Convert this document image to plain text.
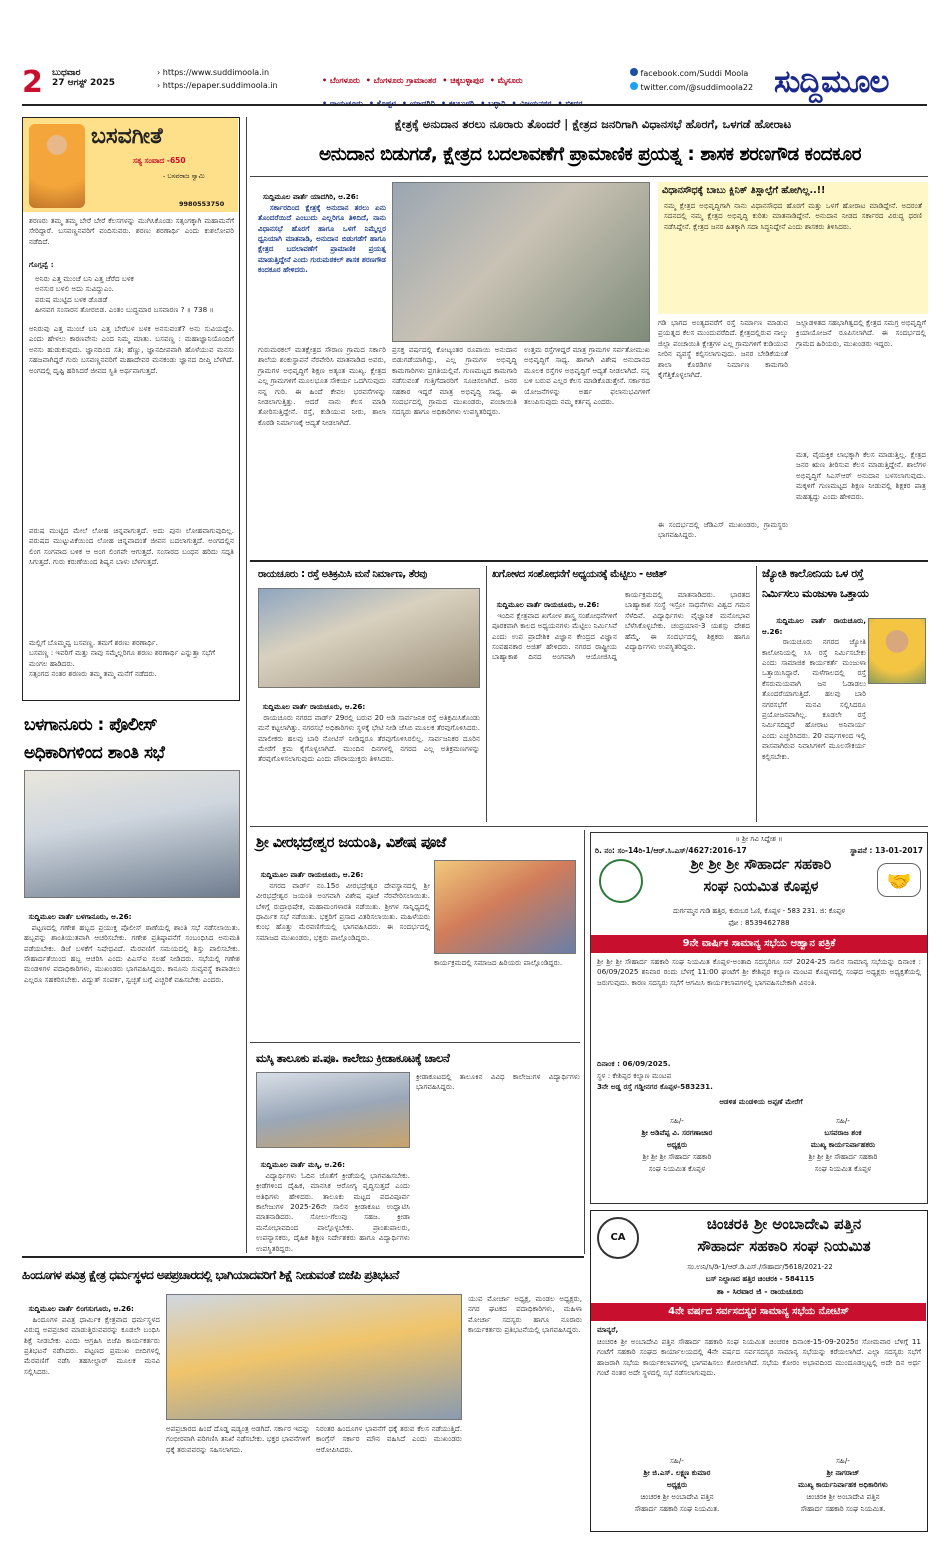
2	ಬುಧವಾರ
27 ಆಗಸ್ಟ್ 2025
› https://www.suddimoola.in
› https://epaper.suddimoola.in
• ಬೆಂಗಳೂರು • ಬೆಂಗಳೂರು ಗ್ರಾಮಾಂತರ • ಚಿಕ್ಕಬಳ್ಳಾಪುರ • ಮೈಸೂರು
facebook.com/Suddi Moola
twitter.com/@suddimoola22 ಸುದ್ದಿಮೂಲ
ಬಸವಗೀತೆ
ಸತ್ಯ ಸಂವಾದ -650
- ಬಸವರಾಜ ಸ್ವಾಮಿ
9980553750
ಶರಣರು ತಮ್ಮ ತಮ್ಮ ಬೇರೆ ಬೇರೆ ಕೆಲಸಗಳನ್ನು ಮುಗಿಸಿಕೊಂಡು ಸತ್ಸಂಗಕ್ಕಾಗಿ ಮಹಾಮನೆಗೆ ಸೇರಿದ್ದಾರೆ. ಬಸವಣ್ಣನವರಿಗೆ ವಂದಿಸುವರು. ಶರಣು ಶರಣಾರ್ಥಿ ಎಂದು ಕುಶಲೋಪರಿ ನಡೆದಿದೆ.
ಗೊಗ್ಗವ್ವೆ :
ಅನಿರು ಎತ್ತ ಮುಂಚೆ ಬನಿ ಎತ್ತ ಚೆರೆದ ಬಳಕ
ಅನಸುರ ಬಳಲಿ ಅದು ಸುವಿದ್ದುಎಂ.
ಪರುಷ ಮುಟ್ಟಿದ ಬಳಕ ಡೊಡಡೆ
ಹೀನವಗ ಸಂಸಾರನ ತೋರಬಿಡ. ಎಂತಂ ಬುದ್ಧಮಾರ ಬಸವಾರಣ ? ॥ 738 ॥
ಅನಿರುವು ಎತ್ತ ಮುಂಚೆ ಬನಿ ಎತ್ತ ಬೇರೆಬಳ ಬಳಕ ಅನಸುವಂತೆ? ಅನು ಸುವಿಯದ್ದೆಂ. ಎಂದು ಹೇಳಲು ಕಾರಣವೇನು ಎಂದ ನಿಮ್ಮ ಮಾತು. ಬಸವಣ್ಣ : ಮಹಾಜ್ಞಾನಿಯೊಂದಿಗೆ ಅನಸು ಹುಡುಕುವುದು. ಜ್ಞಾನದಿಂದ ಸತಿ; ಹೆಣ್ಣು, ಜ್ಞಾನದೀಪವಾಗಿ ಹೊಳೆಯುವ ಮನಸು ಸಹಜವಾಗಿದ್ದರೆ ಗುರು ಬಸವಣ್ಣನವರಿಗೆ ಮಹಾದೇವರ ಮನಕಂಡು ಜ್ಞಾನದ ದೀಪ್ತಿ ಬೆಳಗಿದೆ. ಅಂಗದಲ್ಲಿ ದೃಷ್ಟಿ ಹರಿಸಿದರೆ ಜೀವದ ಸ್ಥಿತಿ ಅರ್ಥವಾಗುತ್ತದೆ.
ಪರುಷ ಮುಟ್ಟಿದ ಮೇಲೆ ಲೋಹ ಚಿನ್ನವಾಗುತ್ತದೆ. ಅದು ಪುನಃ ಲೋಹವಾಗುವುದಿಲ್ಲ. ಪರುಷದ ಮುಟ್ಟುವಿಕೆಯಿಂದ ಲೋಹ ಚಿನ್ನವಾದಂತೆ ಜೀವನ ಬದಲಾಗುತ್ತದೆ. ಅಂಗದಲ್ಲಿನ ಲಿಂಗ ಸಂಗವಾದ ಬಳಿಕ ಆ ಅಂಗ ಲಿಂಗವೇ ಆಗುತ್ತದೆ. ಸಂಸಾರದ ಬಂಧನ ಹರಿದು ಸದ್ಗತಿ ಸಿಗುತ್ತದೆ. ಗುರು ಕರುಣೆಯಿಂದ ಶಿಷ್ಯನ ಬಾಳು ಬೆಳಗುತ್ತದೆ.
ಮಲ್ಲಿಗೆ ಬೊಮ್ಮವ್ವ ಬಸವಣ್ಣ. ತಮಗೆ ಶರಣು ಶರಣಾರ್ಥಿ.
ಬಸವಣ್ಣ : ಇವರಿಗೆ ಮತ್ತು ನಾವು ಸಮ್ಮೆಲ್ಲರಿಗೂ ಶರಣು ಶರಣಾರ್ಥಿ ಎನ್ನುತ್ತಾ ಸಭೆಗೆ ಮಂಗಲ ಹಾಡಿದರು.
ಸತ್ಸಂಗದ ನಂತರ ಶರಣರು ತಮ್ಮ ತಮ್ಮ ಮನೆಗೆ ನಡೆದರು.
ಕ್ಷೇತ್ರಕ್ಕೆ ಅನುದಾನ ತರಲು ನೂರಾರು ತೊಂದರೆ | ಕ್ಷೇತ್ರದ ಜನರಿಗಾಗಿ ವಿಧಾನಸಭೆ ಹೊರಗೆ, ಒಳಗಡೆ ಹೋರಾಟ
ಅನುದಾನ ಬಿಡುಗಡೆ, ಕ್ಷೇತ್ರದ ಬದಲಾವಣೆಗೆ ಪ್ರಾಮಾಣಿಕ ಪ್ರಯತ್ನ : ಶಾಸಕ ಶರಣಗೌಡ ಕಂದಕೂರ

ಸುದ್ದಿಮೂಲ ವಾರ್ತೆ ಯಾದಗಿರಿ, ಆ.26:
ಸರ್ಕಾರದಿಂದ ಕ್ಷೇತ್ರಕ್ಕೆ ಅನುದಾನ ತರಲು ಏನು ತೊಂದರೆಯಿದೆ ಎಂಬುದು ಎಲ್ಲರಿಗೂ ತಿಳಿದಿದೆ, ನಾನು ವಿಧಾನಸಭೆ ಹೊರಗೆ ಹಾಗೂ ಒಳಗೆ ನಿಮ್ಮೆಲ್ಲರ ಧ್ವನಿಯಾಗಿ ಮಾತನಾಡಿ, ಅನುದಾನ ಬಿಡುಗಡೆಗೆ ಹಾಗೂ ಕ್ಷೇತ್ರದ ಬದಲಾವಣೆಗೆ ಪ್ರಾಮಾಣಿಕ ಪ್ರಯತ್ನ ಮಾಡುತ್ತಿದ್ದೇನೆ ಎಂದು ಗುರುಮಠಕಲ್ ಶಾಸಕ ಶರಣಗೌಡ ಕಂದಕೂರ ಹೇಳಿದರು.

ಗುರುಮಠಕಲ್ ಮತಕ್ಷೇತ್ರದ ಸೌರಾಣ ಗ್ರಾಮದ ಸರ್ಕಾರಿ ಶಾಲೆಯ ಶಂಕುಸ್ಥಾಪನೆ ನೆರವೇರಿಸಿ ಮಾತನಾಡಿದ ಅವರು, ಗ್ರಾಮಗಳ ಅಭಿವೃದ್ಧಿಗೆ ಶಿಕ್ಷಣ ಅತ್ಯಂತ ಮುಖ್ಯ. ಕ್ಷೇತ್ರದ ಎಲ್ಲ ಗ್ರಾಮಗಳಿಗೆ ಮೂಲಭೂತ ಸೌಕರ್ಯ ಒದಗಿಸುವುದು ನನ್ನ ಗುರಿ. ಈ ಹಿಂದೆ ಕೇವಲ ಭರವಸೆಗಳನ್ನು ನೀಡಲಾಗುತ್ತಿತ್ತು. ಆದರೆ ನಾನು ಕೆಲಸ ಮಾಡಿ ತೋರಿಸುತ್ತಿದ್ದೇನೆ. ರಸ್ತೆ, ಕುಡಿಯುವ ನೀರು, ಶಾಲಾ ಕೊಠಡಿ ನಿರ್ಮಾಣಕ್ಕೆ ಆದ್ಯತೆ ನೀಡಲಾಗಿದೆ.
ಪ್ರಸಕ್ತ ವರ್ಷದಲ್ಲಿ ಕೋಟ್ಯಂತರ ರೂಪಾಯಿ ಅನುದಾನ ಬಿಡುಗಡೆಯಾಗಿದ್ದು, ಎಲ್ಲ ಗ್ರಾಮಗಳ ಅಭಿವೃದ್ಧಿ ಕಾಮಗಾರಿಗಳು ಪ್ರಗತಿಯಲ್ಲಿವೆ. ಗುಣಮಟ್ಟದ ಕಾಮಗಾರಿ ನಡೆಸುವಂತೆ ಗುತ್ತಿಗೆದಾರರಿಗೆ ಸೂಚಿಸಲಾಗಿದೆ. ಜನರ ಸಹಕಾರ ಇದ್ದರೆ ಮಾತ್ರ ಅಭಿವೃದ್ಧಿ ಸಾಧ್ಯ. ಈ ಸಂದರ್ಭದಲ್ಲಿ ಗ್ರಾಮದ ಮುಖಂಡರು, ಪಂಚಾಯಿತಿ ಸದಸ್ಯರು ಹಾಗೂ ಅಧಿಕಾರಿಗಳು ಉಪಸ್ಥಿತರಿದ್ದರು.
ಉತ್ತಮ ರಸ್ತೆಗಳಿದ್ದರೆ ಮಾತ್ರ ಗ್ರಾಮಗಳ ಸರ್ವತೋಮುಖ ಅಭಿವೃದ್ಧಿಗೆ ಸಾಧ್ಯ. ಹಾಗಾಗಿ ವಿಶೇಷ ಅನುದಾನದ ಮೂಲಕ ರಸ್ತೆಗಳ ಅಭಿವೃದ್ಧಿಗೆ ಆದ್ಯತೆ ನೀಡಲಾಗಿದೆ. ನನ್ನ ಬಳಿ ಬರುವ ಎಲ್ಲರ ಕೆಲಸ ಮಾಡಿಕೊಡುತ್ತೇನೆ. ಸರ್ಕಾರದ ಯೋಜನೆಗಳನ್ನು ಅರ್ಹ ಫಲಾನುಭವಿಗಳಿಗೆ ತಲುಪಿಸುವುದು ನಮ್ಮ ಕರ್ತವ್ಯ ಎಂದರು.
ವಿಧಾನಸೌಧಕ್ಕೆ ಬಾಬು ಕ್ಲಿನಿಕ್ ತಿಸ್ಲಾಲ್ಪೆಗೆ ಹೋಗಿಲ್ಲ..!!
ನಮ್ಮ ಕ್ಷೇತ್ರದ ಅಭಿವೃದ್ಧಿಗಾಗಿ ನಾನು ವಿಧಾನಸೌಧದ ಹೊರಗೆ ಮತ್ತು ಒಳಗೆ ಹೋರಾಟ ಮಾಡಿದ್ದೇನೆ. ಅದರಂತೆ ಸದನದಲ್ಲಿ ನಮ್ಮ ಕ್ಷೇತ್ರದ ಅಭಿವೃದ್ಧಿ ಕುರಿತು ಮಾತನಾಡಿದ್ದೇನೆ. ಅನುದಾನ ನೀಡದ ಸರ್ಕಾರದ ವಿರುದ್ಧ ಧರಣಿ ನಡೆಸಿದ್ದೇನೆ. ಕ್ಷೇತ್ರದ ಜನರ ಹಿತಕ್ಕಾಗಿ ಸದಾ ಸಿದ್ಧನಿದ್ದೇನೆ ಎಂದು ಶಾಸಕರು ತಿಳಿಸಿದರು.
ಗಡಿ ಭಾಗದ ಅಂತ್ಯದವರೆಗೆ ರಸ್ತೆ ನಿರ್ಮಾಣ ಮಾಡುವ ಪ್ರಯತ್ನದ ಕೆಲಸ ಮುಂದುವರೆದಿದೆ. ಕ್ಷೇತ್ರದಲ್ಲಿರುವ ನಾಲ್ಕು ಜಿಲ್ಲಾ ಪಂಚಾಯಿತಿ ಕ್ಷೇತ್ರಗಳ ಎಲ್ಲ ಗ್ರಾಮಗಳಿಗೆ ಕುಡಿಯುವ ನೀರಿನ ವ್ಯವಸ್ಥೆ ಕಲ್ಪಿಸಲಾಗುವುದು. ಜನರ ಬೇಡಿಕೆಯಂತೆ ಶಾಲಾ ಕೊಠಡಿಗಳ ನಿರ್ಮಾಣ ಕಾಮಗಾರಿ ಕೈಗೆತ್ತಿಕೊಳ್ಳಲಾಗಿದೆ.
ಜಲ್ಲಾಡಳಿತದ ಸಹಭಾಗಿತ್ವದಲ್ಲಿ ಕ್ಷೇತ್ರದ ಸಮಗ್ರ ಅಭಿವೃದ್ಧಿಗೆ ಕ್ರಿಯಾಯೋಜನೆ ರೂಪಿಸಲಾಗಿದೆ. ಈ ಸಂದರ್ಭದಲ್ಲಿ ಗ್ರಾಮದ ಹಿರಿಯರು, ಮುಖಂಡರು ಇದ್ದರು.
ಮತ, ವೈಯಕ್ತಿಕ ಲಾಭಕ್ಕಾಗಿ ಕೆಲಸ ಮಾಡುತ್ತಿಲ್ಲ. ಕ್ಷೇತ್ರದ ಜನರ ಋಣ ತೀರಿಸುವ ಕೆಲಸ ಮಾಡುತ್ತಿದ್ದೇನೆ. ಶಾಲೆಗಳ ಅಭಿವೃದ್ಧಿಗೆ ಸಿಎಸ್ಆರ್ ಅನುದಾನ ಬಳಸಲಾಗುವುದು. ಮಕ್ಕಳಿಗೆ ಗುಣಮಟ್ಟದ ಶಿಕ್ಷಣ ನೀಡುವಲ್ಲಿ ಶಿಕ್ಷಕರ ಪಾತ್ರ ಮಹತ್ವದ್ದು ಎಂದು ಹೇಳಿದರು.
ಈ ಸಂದರ್ಭದಲ್ಲಿ ಜೆಡಿಎಸ್ ಮುಖಂಡರು, ಗ್ರಾಮಸ್ಥರು ಭಾಗವಹಿಸಿದ್ದರು.
ರಾಯಚೂರು : ರಸ್ತೆ ಅತಿಕ್ರಮಿಸಿ ಮನೆ ನಿರ್ಮಾಣ, ತೆರವು

ಸುದ್ದಿಮೂಲ ವಾರ್ತೆ ರಾಯಚೂರು, ಆ.26:
ರಾಯಚೂರು ನಗರದ ವಾರ್ಡ್ 29ರಲ್ಲಿ ಬರುವ 20 ಅಡಿ ಸಾರ್ವಜನಿಕ ರಸ್ತೆ ಅತಿಕ್ರಮಿಸಿಕೊಂಡು ಮನೆ ಕಟ್ಟಲಾಗಿತ್ತು. ನಗರಸಭೆ ಅಧಿಕಾರಿಗಳು ಸ್ಥಳಕ್ಕೆ ಭೇಟಿ ನೀಡಿ ಜೆಸಿಬಿ ಮೂಲಕ ತೆರವುಗೊಳಿಸಿದರು. ಮಾಲೀಕರು ಹಲವು ಬಾರಿ ನೋಟಿಸ್ ನೀಡಿದ್ದರೂ ತೆರವುಗೊಳಿಸಿರಲಿಲ್ಲ. ಸಾರ್ವಜನಿಕರ ದೂರಿನ ಮೇರೆಗೆ ಕ್ರಮ ಕೈಗೊಳ್ಳಲಾಗಿದೆ. ಮುಂದಿನ ದಿನಗಳಲ್ಲಿ ನಗರದ ಎಲ್ಲ ಅತಿಕ್ರಮಣಗಳನ್ನು ತೆರವುಗೊಳಿಸಲಾಗುವುದು ಎಂದು ಪೌರಾಯುಕ್ತರು ತಿಳಿಸಿದರು.

ಖಗೋಳದ ಸಂಶೋಧನೆಗೆ ಅಧ್ಯಯನಕ್ಕೆ ಮೆಟ್ಟಿಲು - ಅಜಿತ್

ಸುದ್ದಿಮೂಲ ವಾರ್ತೆ ರಾಯಚೂರು, ಆ.26:
ಇಂದಿನ ಕ್ಷೇತ್ರವಾದ ಖಗೋಳ ಶಾಸ್ತ್ರ ಸಂಶೋಧನೆಗಳಿಗೆ ಪೂರಕವಾಗಿ ಕಾಲದ ಅಧ್ಯಯನಗಳು ಮೆಟ್ಟಿಲು ನಿರ್ಮಿಸಿವೆ ಎಂದು ಉಪ ಪ್ರಾದೇಶಿಕ ವಿಜ್ಞಾನ ಕೇಂದ್ರದ ವಿಜ್ಞಾನ ಸಂವಹನಕಾರ ಅಜಿತ್ ಹೇಳಿದರು. ನಗರದ ರಾಷ್ಟ್ರೀಯ ಬಾಹ್ಯಾಕಾಶ ದಿನದ ಅಂಗವಾಗಿ ಆಯೋಜಿಸಿದ್ದ ಕಾರ್ಯಕ್ರಮದಲ್ಲಿ ಮಾತನಾಡಿದರು. ಭಾರತದ ಬಾಹ್ಯಾಕಾಶ ಸಂಸ್ಥೆ ಇಸ್ರೋ ಸಾಧನೆಗಳು ವಿಶ್ವದ ಗಮನ ಸೆಳೆದಿವೆ. ವಿದ್ಯಾರ್ಥಿಗಳು ವೈಜ್ಞಾನಿಕ ಮನೋಭಾವ ಬೆಳೆಸಿಕೊಳ್ಳಬೇಕು. ಚಂದ್ರಯಾನ-3 ಯಶಸ್ಸು ದೇಶದ ಹೆಮ್ಮೆ. ಈ ಸಂದರ್ಭದಲ್ಲಿ ಶಿಕ್ಷಕರು ಹಾಗೂ ವಿದ್ಯಾರ್ಥಿಗಳು ಉಪಸ್ಥಿತರಿದ್ದರು.

ಜ್ಯೋತಿ ಕಾಲೋನಿಯ ಒಳ ರಸ್ತೆ
ನಿರ್ಮಿಸಲು ಮಂಜುಳಾ ಒತ್ತಾಯ

ಸುದ್ದಿಮೂಲ ವಾರ್ತೆ ರಾಯಚೂರು, ಆ.26:
ರಾಯಚೂರು ನಗರದ ಜ್ಯೋತಿ ಕಾಲೋನಿಯಲ್ಲಿ ಸಿಸಿ ರಸ್ತೆ ನಿರ್ಮಿಸಬೇಕು ಎಂದು ಸಾಮಾಜಿಕ ಕಾರ್ಯಕರ್ತೆ ಮಂಜುಳಾ ಒತ್ತಾಯಿಸಿದ್ದಾರೆ. ಮಳೆಗಾಲದಲ್ಲಿ ರಸ್ತೆ ಕೆಸರುಮಯವಾಗಿ ಜನ ಓಡಾಡಲು ತೊಂದರೆಯಾಗುತ್ತಿದೆ. ಹಲವು ಬಾರಿ ನಗರಸಭೆಗೆ ಮನವಿ ಸಲ್ಲಿಸಿದರೂ ಪ್ರಯೋಜನವಾಗಿಲ್ಲ. ಕೂಡಲೇ ರಸ್ತೆ ನಿರ್ಮಿಸದಿದ್ದರೆ ಹೋರಾಟ ಅನಿವಾರ್ಯ ಎಂದು ಎಚ್ಚರಿಸಿದರು. 20 ವರ್ಷಗಳಿಂದ ಇಲ್ಲಿ ವಾಸವಾಗಿರುವ ನಿವಾಸಿಗಳಿಗೆ ಮೂಲಸೌಕರ್ಯ ಕಲ್ಪಿಸಬೇಕು.

ಬಳಗಾನೂರು : ಪೊಲೀಸ್
ಅಧಿಕಾರಿಗಳಿಂದ ಶಾಂತಿ ಸಭೆ

ಸುದ್ದಿಮೂಲ ವಾರ್ತೆ ಬಳಗಾನೂರು, ಆ.26:
ಪಟ್ಟಣದಲ್ಲಿ ಗಣೇಶ ಹಬ್ಬದ ಪ್ರಯುಕ್ತ ಪೊಲೀಸ್ ಠಾಣೆಯಲ್ಲಿ ಶಾಂತಿ ಸಭೆ ನಡೆಸಲಾಯಿತು. ಹಬ್ಬವನ್ನು ಶಾಂತಿಯುತವಾಗಿ ಆಚರಿಸಬೇಕು. ಗಣೇಶ ಪ್ರತಿಷ್ಠಾಪನೆಗೆ ಸಂಬಂಧಿಸಿದ ಅನುಮತಿ ಪಡೆಯಬೇಕು. ಡಿಜೆ ಬಳಕೆಗೆ ನಿಷೇಧವಿದೆ. ಮೆರವಣಿಗೆ ಸಮಯದಲ್ಲಿ ಶಿಸ್ತು ಪಾಲಿಸಬೇಕು. ಸೌಹಾರ್ದತೆಯಿಂದ ಹಬ್ಬ ಆಚರಿಸಿ ಎಂದು ಪಿಎಸ್ಐ ಸಲಹೆ ನೀಡಿದರು. ಸಭೆಯಲ್ಲಿ ಗಣೇಶ ಮಂಡಳಿಗಳ ಪದಾಧಿಕಾರಿಗಳು, ಮುಖಂಡರು ಭಾಗವಹಿಸಿದ್ದರು. ಕಾನೂನು ಸುವ್ಯವಸ್ಥೆ ಕಾಪಾಡಲು ಎಲ್ಲರೂ ಸಹಕರಿಸಬೇಕು. ವಿದ್ಯುತ್ ಸಂಪರ್ಕ, ಸ್ವಚ್ಛತೆ ಬಗ್ಗೆ ಎಚ್ಚರಿಕೆ ವಹಿಸಬೇಕು ಎಂದರು.

ಶ್ರೀ ವೀರಭದ್ರೇಶ್ವರ ಜಯಂತಿ, ವಿಶೇಷ ಪೂಜೆ

ಸುದ್ದಿಮೂಲ ವಾರ್ತೆ ರಾಯಚೂರು, ಆ.26:
ನಗರದ ವಾರ್ಡ್ ನಂ.15ರ ವೀರಭದ್ರೇಶ್ವರ ದೇವಸ್ಥಾನದಲ್ಲಿ ಶ್ರೀ ವೀರಭದ್ರೇಶ್ವರ ಜಯಂತಿ ಅಂಗವಾಗಿ ವಿಶೇಷ ಪೂಜೆ ನೆರವೇರಿಸಲಾಯಿತು. ಬೆಳಿಗ್ಗೆ ರುದ್ರಾಭಿಷೇಕ, ಮಹಾಮಂಗಳಾರತಿ ನಡೆಯಿತು. ಶ್ರೀಗಳ ಸಾನ್ನಿಧ್ಯದಲ್ಲಿ ಧಾರ್ಮಿಕ ಸಭೆ ನಡೆಯಿತು. ಭಕ್ತರಿಗೆ ಪ್ರಸಾದ ವಿತರಿಸಲಾಯಿತು. ಮಹಿಳೆಯರು ಕುಂಭ ಹೊತ್ತು ಮೆರವಣಿಗೆಯಲ್ಲಿ ಭಾಗವಹಿಸಿದರು. ಈ ಸಂದರ್ಭದಲ್ಲಿ ಸಮಾಜದ ಮುಖಂಡರು, ಭಕ್ತರು ಪಾಲ್ಗೊಂಡಿದ್ದರು.

ಕಾರ್ಯಕ್ರಮದಲ್ಲಿ ಸಮಾಜದ ಹಿರಿಯರು ಪಾಲ್ಗೊಂಡಿದ್ದರು.
ಮಸ್ಕಿ ತಾಲೂಕು ಪ.ಪೂ. ಕಾಲೇಜು ಕ್ರೀಡಾಕೂಟಕ್ಕೆ ಚಾಲನೆ

ಸುದ್ದಿಮೂಲ ವಾರ್ತೆ ಮಸ್ಕಿ, ಆ.26:
ವಿದ್ಯಾರ್ಥಿಗಳು ಓದಿನ ಜೊತೆಗೆ ಕ್ರೀಡೆಯಲ್ಲಿ ಭಾಗವಹಿಸಬೇಕು. ಕ್ರೀಡೆಗಳಿಂದ ದೈಹಿಕ, ಮಾನಸಿಕ ಆರೋಗ್ಯ ವೃದ್ಧಿಸುತ್ತದೆ ಎಂದು ಅತಿಥಿಗಳು ಹೇಳಿದರು. ತಾಲೂಕು ಮಟ್ಟದ ಪದವಿಪೂರ್ವ ಕಾಲೇಜುಗಳ 2025-26ನೇ ಸಾಲಿನ ಕ್ರೀಡಾಕೂಟ ಉದ್ಘಾಟಿಸಿ ಮಾತನಾಡಿದರು. ಸೋಲು-ಗೆಲುವು ಸಹಜ. ಕ್ರೀಡಾ ಮನೋಭಾವದಿಂದ ಪಾಲ್ಗೊಳ್ಳಬೇಕು. ಪ್ರಾಂಶುಪಾಲರು, ಉಪನ್ಯಾಸಕರು, ದೈಹಿಕ ಶಿಕ್ಷಣ ನಿರ್ದೇಶಕರು ಹಾಗೂ ವಿದ್ಯಾರ್ಥಿಗಳು ಉಪಸ್ಥಿತರಿದ್ದರು.

ಕ್ರೀಡಾಕೂಟದಲ್ಲಿ ತಾಲೂಕಿನ ವಿವಿಧ ಕಾಲೇಜುಗಳ ವಿದ್ಯಾರ್ಥಿಗಳು ಭಾಗವಹಿಸಿದ್ದರು.
॥ ಶ್ರೀ ಗವಿ ಸಿದ್ದೇಶ ॥
ರಿ. ನಂ: ಸಂ-14ರಿ-1/ಆರ್.ಸಿ.ಎಸ್/4627:2016-17	ಸ್ಥಾಪನೆ : 13-01-2017
🤝
ಶ್ರೀ ಶ್ರೀ ಶ್ರೀ ಸೌಹಾರ್ದ ಸಹಕಾರಿ
ಸಂಘ ನಿಯಮಿತ ಕೊಪ್ಪಳ
ದುರ್ಗಮ್ಮನ ಗುಡಿ ಹತ್ತಿರ, ಕುರುಬರ ಓಣಿ, ಕೊಪ್ಪಳ - 583 231. ಜಿ: ಕೊಪ್ಪಳ
ಫೋ : 8539462788
9ನೇ ವಾರ್ಷಿಕ ಸಾಮಾನ್ಯ ಸಭೆಯ ಆಹ್ವಾನ ಪತ್ರಿಕೆ
ಶ್ರೀ ಶ್ರೀ ಶ್ರೀ ಸೌಹಾರ್ದ ಸಹಕಾರಿ ಸಂಘ ನಿಯಮಿತ ಕೊಪ್ಪಳ-ಅಂತಾದಿ ಸದಸ್ಯರಿಗೂ ಸನ್ 2024-25 ಸಾಲಿನ ಸಾಮಾನ್ಯ ಸಭೆಯನ್ನು ದಿನಾಂಕ : 06/09/2025 ಶನಿವಾರ ರಂದು ಬೆಳಗ್ಗೆ 11:00 ಘಂಟೆಗೆ ಶ್ರೀ ಕೇಶಿಪ್ಪರ ಕಲ್ಯಾಣ ಮಂಟಪ ಕೊಪ್ಪಳದಲ್ಲಿ ಸಂಘದ ಅಧ್ಯಕ್ಷರು ಅಧ್ಯಕ್ಷತೆಯಲ್ಲಿ ಜರುಗುವುದು. ಕಾರಣ ಸದಸ್ಯರು ಸಭೆಗೆ ಆಗಮಿಸಿ ಕಾರ್ಯಕಲಾಪಗಳಲ್ಲಿ ಭಾಗವಹಿಸಬೇಕಾಗಿ ವಿನಂತಿ.
ದಿನಾಂಕ : 06/09/2025.
ಸ್ಥಳ : ಕೇಶಿಪ್ಪರ ಕಲ್ಯಾಣ ಮಂಟಪ
3ನೇ ಅಡ್ಡ ರಸ್ತೆ ಗಡ್ಡೀನಗರ ಕೊಪ್ಪಳ-583231.
ಆಡಳಿತ ಮಂಡಳಿಯ ಅಪ್ಪಣೆ ಮೇರೆಗೆ
ಸಹಿ/-
ಶ್ರೀ ಅಡಿವೆಪ್ಪ ವಿ. ಸರಗಣಾಚಾರ
ಅಧ್ಯಕ್ಷರು
ಶ್ರೀ ಶ್ರೀ ಶ್ರೀ ಸೌಹಾರ್ದ ಸಹಕಾರಿ
ಸಂಘ ನಿಯಮಿತ ಕೊಪ್ಪಳ
ಸಹಿ/-
ಬಸವರಾಜ ಶಂಕ
ಮುಖ್ಯ ಕಾರ್ಯನಿರ್ವಾಹಕರು
ಶ್ರೀ ಶ್ರೀ ಶ್ರೀ ಸೌಹಾರ್ದ ಸಹಕಾರಿ
ಸಂಘ ನಿಯಮಿತ ಕೊಪ್ಪಳ
CA
ಚಿಂಚರಕಿ ಶ್ರೀ ಅಂಬಾದೇವಿ ಪತ್ತಿನ
ಸೌಹಾರ್ದ ಸಹಕಾರಿ ಸಂಘ ನಿಯಮಿತ
ಸಂ.ಉನಿ/ಸಿ/ಡಿ-1/ಆರ್.ಡಿ.ಎಸ್./ಸೌಹಾರ್ದ/5618/2021-22
ಬಸ್ ನಿಲ್ದಾಣದ ಹತ್ತಿರ ಚಿಂಚರಕಿ - 584115
ತಾ - ಸಿರವಾರ ಜಿ - ರಾಯಚೂರು
4ನೇ ವರ್ಷದ ಸರ್ವಸದಸ್ಯರ ಸಾಮಾನ್ಯ ಸಭೆಯ ನೋಟಿಸ್
ಮಾನ್ಯರೆ,
ಚಿಂಚರಕಿ ಶ್ರೀ ಅಂಬಾದೇವಿ ಪತ್ತಿನ ಸೌಹಾರ್ದ ಸಹಕಾರಿ ಸಂಘ ನಿಯಮಿತ ಚಿಂಚರಕಿ ದಿನಾಂಕ-15-09-2025ರ ಸೋಮವಾರ ಬೆಳಿಗ್ಗೆ 11 ಗಂಟೆಗೆ ಸಹಕಾರಿ ಸಂಘದ ಕಾರ್ಯಾಲಯದಲ್ಲಿ 4ನೇ ವರ್ಷದ ಸರ್ವಸದಸ್ಯರ ಸಾಮಾನ್ಯ ಸಭೆಯನ್ನು ಕರೆಯಲಾಗಿದೆ. ಎಲ್ಲಾ ಸದಸ್ಯರು ಸಭೆಗೆ ಹಾಜರಾಗಿ ಸಭೆಯ ಕಾರ್ಯಕಲಾಪಗಳಲ್ಲಿ ಭಾಗವಹಿಸಲು ಕೋರಲಾಗಿದೆ. ಸಭೆಯ ಕೋರಂ ಅಭಾವದಿಂದ ಮುಂದೂಡಲ್ಪಟ್ಟಲ್ಲಿ ಅದೇ ದಿನ ಅರ್ಧ ಗಂಟೆ ನಂತರ ಅದೇ ಸ್ಥಳದಲ್ಲಿ ಸಭೆ ನಡೆಸಲಾಗುವುದು.
ಸಹಿ/-
ಶ್ರೀ ಜಿ.ಎಸ್. ಲಕ್ಷ್ಮಣ ಕುಮಾರ
ಅಧ್ಯಕ್ಷರು
ಚಿಂಚರಕಿ ಶ್ರೀ ಅಂಬಾದೇವಿ ಪತ್ತಿನ
ಸೌಹಾರ್ದ ಸಹಕಾರಿ ಸಂಘ ನಿಯಮಿತ.
ಸಹಿ/-
ಶ್ರೀ ನಾಗರಾಜ್
ಮುಖ್ಯ ಕಾರ್ಯನಿರ್ವಾಹಕ ಅಧಿಕಾರಿಗಳು
ಚಿಂಚರಕಿ ಶ್ರೀ ಅಂಬಾದೇವಿ ಪತ್ತಿನ
ಸೌಹಾರ್ದ ಸಹಕಾರಿ ಸಂಘ ನಿಯಮಿತ.
ಹಿಂದೂಗಳ ಪವಿತ್ರ ಕ್ಷೇತ್ರ ಧರ್ಮಸ್ಥಳದ ಅಪಪ್ರಚಾರದಲ್ಲಿ ಭಾಗಿಯಾದವರಿಗೆ ಶಿಕ್ಷೆ ನೀಡುವಂತೆ ಬಿಜೆಪಿ ಪ್ರತಿಭಟನೆ

ಸುದ್ದಿಮೂಲ ವಾರ್ತೆ ಲಿಂಗಸುಗೂರು, ಆ.26:
ಹಿಂದೂಗಳ ಪವಿತ್ರ ಧಾರ್ಮಿಕ ಕ್ಷೇತ್ರವಾದ ಧರ್ಮಸ್ಥಳದ ವಿರುದ್ಧ ಅಪಪ್ರಚಾರ ಮಾಡುತ್ತಿರುವವರನ್ನು ಕೂಡಲೇ ಬಂಧಿಸಿ ಶಿಕ್ಷೆ ನೀಡಬೇಕು ಎಂದು ಆಗ್ರಹಿಸಿ ಬಿಜೆಪಿ ಕಾರ್ಯಕರ್ತರು ಪ್ರತಿಭಟನೆ ನಡೆಸಿದರು. ಪಟ್ಟಣದ ಪ್ರಮುಖ ಬೀದಿಗಳಲ್ಲಿ ಮೆರವಣಿಗೆ ನಡೆಸಿ ತಹಸೀಲ್ದಾರ್ ಮೂಲಕ ಮನವಿ ಸಲ್ಲಿಸಿದರು.

ಅಪಪ್ರಚಾರದ ಹಿಂದೆ ದೊಡ್ಡ ಷಡ್ಯಂತ್ರ ಅಡಗಿದೆ. ಸರ್ಕಾರ ಇದನ್ನು ಗಂಭೀರವಾಗಿ ಪರಿಗಣಿಸಿ ತನಿಖೆ ನಡೆಸಬೇಕು. ಭಕ್ತರ ಭಾವನೆಗಳಿಗೆ ಧಕ್ಕೆ ತರುವವರನ್ನು ಸಹಿಸಲಾಗದು.
ನಿರಂತರ ಹಿಂದೂಗಳ ಭಾವನೆಗೆ ಧಕ್ಕೆ ತರುವ ಕೆಲಸ ನಡೆಯುತ್ತಿದೆ. ಕಾಂಗ್ರೆಸ್ ಸರ್ಕಾರ ಮೌನ ವಹಿಸಿದೆ ಎಂದು ಮುಖಂಡರು ಆರೋಪಿಸಿದರು.
ಯುವ ಮೋರ್ಚಾ ಅಧ್ಯಕ್ಷ, ಮಂಡಲ ಅಧ್ಯಕ್ಷರು, ನಗರ ಘಟಕದ ಪದಾಧಿಕಾರಿಗಳು, ಮಹಿಳಾ ಮೋರ್ಚಾ ಸದಸ್ಯರು ಹಾಗೂ ನೂರಾರು ಕಾರ್ಯಕರ್ತರು ಪ್ರತಿಭಟನೆಯಲ್ಲಿ ಭಾಗವಹಿಸಿದ್ದರು.
